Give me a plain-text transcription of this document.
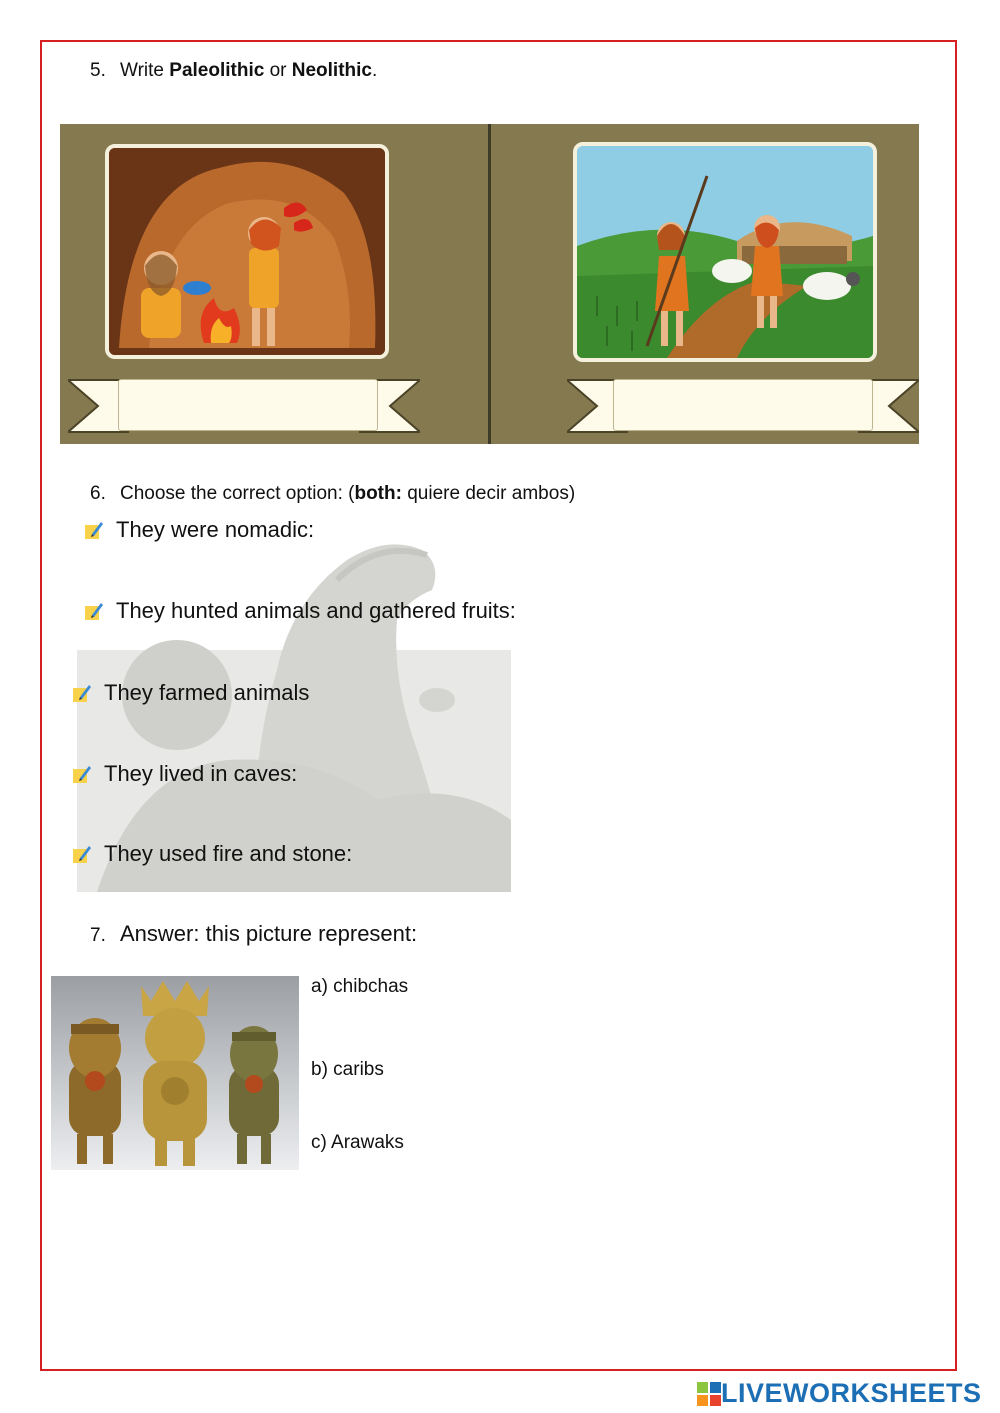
5. Write Paleolithic or Neolithic.
6. Choose the correct option: (both: quiere decir ambos)
They were nomadic:
They hunted animals and gathered fruits:
They farmed animals
They lived in caves:
They used fire and stone:
7. Answer: this picture represent:
a) chibchas
b) caribs
c) Arawaks
LIVEWORKSHEETS
